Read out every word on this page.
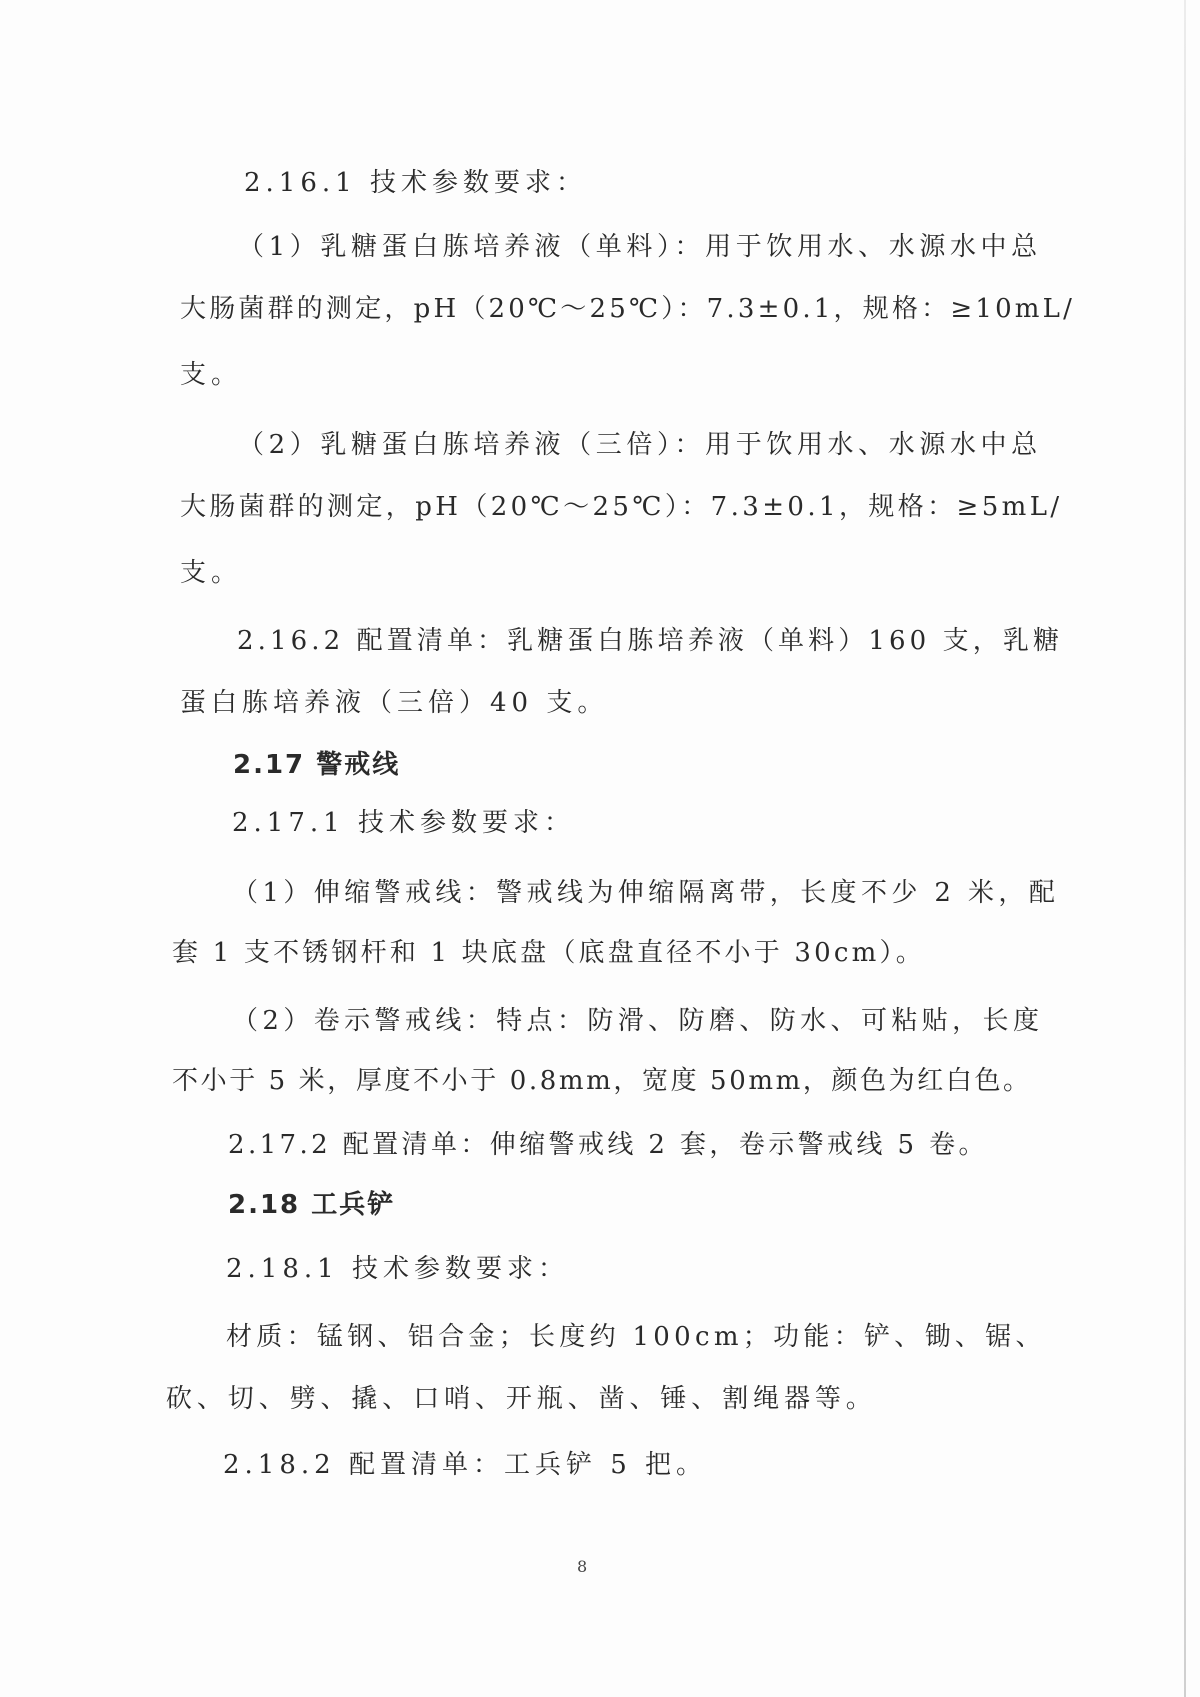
2.16.1 技术参数要求：
（1）乳糖蛋白胨培养液（单料）：用于饮用水、水源水中总
大肠菌群的测定，pH（20℃～25℃）：7.3±0.1，规格：≥10mL/
支。
（2）乳糖蛋白胨培养液（三倍）：用于饮用水、水源水中总
大肠菌群的测定，pH（20℃～25℃）：7.3±0.1，规格：≥5mL/
支。
2.16.2 配置清单：乳糖蛋白胨培养液（单料）160 支，乳糖
蛋白胨培养液（三倍）40 支。
2.17 警戒线
2.17.1 技术参数要求：
（1）伸缩警戒线：警戒线为伸缩隔离带，长度不少 2 米，配
套 1 支不锈钢杆和 1 块底盘（底盘直径不小于 30cm）。
（2）卷示警戒线：特点：防滑、防磨、防水、可粘贴，长度
不小于 5 米，厚度不小于 0.8mm，宽度 50mm，颜色为红白色。
2.17.2 配置清单：伸缩警戒线 2 套，卷示警戒线 5 卷。
2.18 工兵铲
2.18.1 技术参数要求：
材质：锰钢、铝合金；长度约 100cm；功能：铲、锄、锯、
砍、切、劈、撬、口哨、开瓶、凿、锤、割绳器等。
2.18.2 配置清单：工兵铲 5 把。
8
